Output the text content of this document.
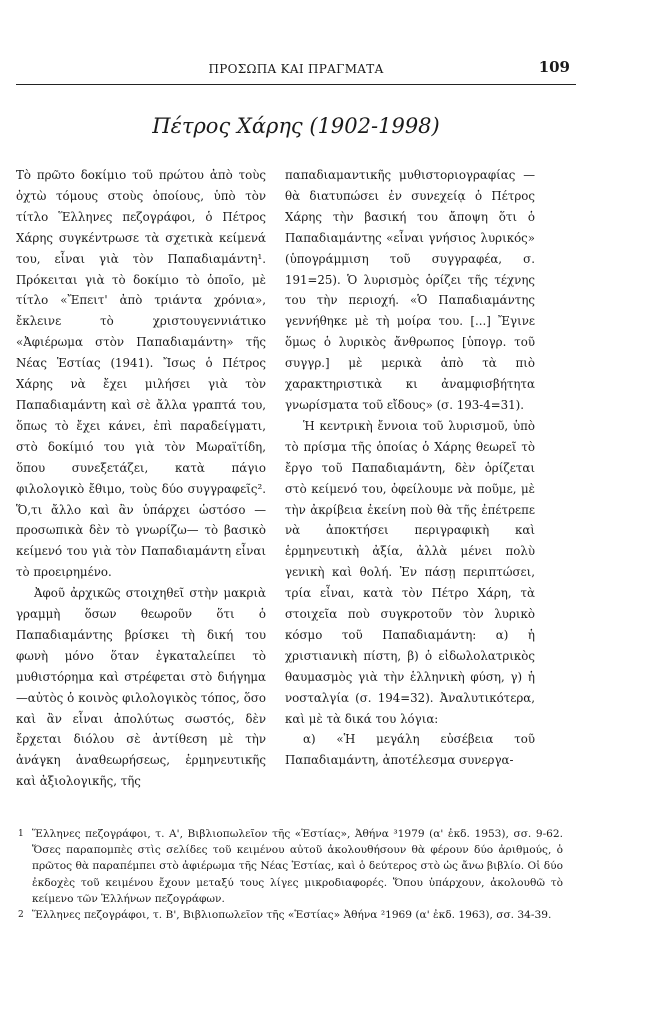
ΠΡΟΣΩΠΑ ΚΑΙ ΠΡΑΓΜΑΤΑ	109
Πέτρος Χάρης (1902-1998)

Τὸ πρῶτο δοκίμιο τοῦ πρώτου ἀπὸ τοὺς ὀχτὼ τόμους στοὺς ὁποίους, ὑπὸ τὸν τίτλο Ἕλληνες πεζογράφοι, ὁ Πέτρος Χάρης συγκέντρωσε τὰ σχετικὰ κείμενά του, εἶναι γιὰ τὸν Παπαδιαμάντη¹. Πρόκειται γιὰ τὸ δοκίμιο τὸ ὁποῖο, μὲ τίτλο «Ἔπειτ' ἀπὸ τριάντα χρόνια», ἔκλεινε τὸ χριστουγεννιάτικο «Ἀφιέρωμα στὸν Παπαδιαμάντη» τῆς Νέας Ἑστίας (1941). Ἴσως ὁ Πέτρος Χάρης νὰ ἔχει μιλήσει γιὰ τὸν Παπαδιαμάντη καὶ σὲ ἄλλα γραπτά του, ὅπως τὸ ἔχει κάνει, ἐπὶ παραδείγματι, στὸ δοκίμιό του γιὰ τὸν Μωραϊτίδη, ὅπου συνεξετάζει, κατὰ πάγιο φιλολογικὸ ἔθιμο, τοὺς δύο συγγραφεῖς². Ὅ,τι ἄλλο καὶ ἂν ὑπάρχει ὡστόσο —προσωπικὰ δὲν τὸ γνωρίζω— τὸ βασικὸ κείμενό του γιὰ τὸν Παπαδιαμάντη εἶναι τὸ προειρημένο.

Ἀφοῦ ἀρχικῶς στοιχηθεῖ στὴν μακριὰ γραμμὴ ὅσων θεωροῦν ὅτι ὁ Παπαδιαμάντης βρίσκει τὴ δική του φωνὴ μόνο ὅταν ἐγκαταλείπει τὸ μυθιστόρημα καὶ στρέφεται στὸ διήγημα —αὐτὸς ὁ κοινὸς φιλολογικὸς τόπος, ὅσο καὶ ἂν εἶναι ἀπολύτως σωστός, δὲν ἔρχεται διόλου σὲ ἀντίθεση μὲ τὴν ἀνάγκη ἀναθεωρήσεως, ἑρμηνευτικῆς καὶ ἀξιολογικῆς, τῆς

παπαδιαμαντικῆς μυθιστοριογραφίας — θὰ διατυπώσει ἐν συνεχείᾳ ὁ Πέτρος Χάρης τὴν βασική του ἄποψη ὅτι ὁ Παπαδιαμάντης «εἶναι γνήσιος λυρικός» (ὑπογράμμιση τοῦ συγγραφέα, σ. 191=25). Ὁ λυρισμὸς ὁρίζει τῆς τέχνης του τὴν περιοχή. «Ὁ Παπαδιαμάντης γεννήθηκε μὲ τὴ μοίρα του. [...] Ἔγινε ὅμως ὁ λυρικὸς ἄνθρωπος [ὑπογρ. τοῦ συγγρ.] μὲ μερικὰ ἀπὸ τὰ πιὸ χαρακτηριστικὰ κι ἀναμφισβήτητα γνωρίσματα τοῦ εἴδους» (σ. 193-4=31).

Ἡ κεντρικὴ ἔννοια τοῦ λυρισμοῦ, ὑπὸ τὸ πρίσμα τῆς ὁποίας ὁ Χάρης θεωρεῖ τὸ ἔργο τοῦ Παπαδιαμάντη, δὲν ὁρίζεται στὸ κείμενό του, ὀφείλουμε νὰ ποῦμε, μὲ τὴν ἀκρίβεια ἐκείνη ποὺ θὰ τῆς ἐπέτρεπε νὰ ἀποκτήσει περιγραφικὴ καὶ ἑρμηνευτικὴ ἀξία, ἀλλὰ μένει πολὺ γενικὴ καὶ θολή. Ἐν πάσῃ περιπτώσει, τρία εἶναι, κατὰ τὸν Πέτρο Χάρη, τὰ στοιχεῖα ποὺ συγκροτοῦν τὸν λυρικὸ κόσμο τοῦ Παπαδιαμάντη: α) ἡ χριστιανικὴ πίστη, β) ὁ εἰδωλολατρικὸς θαυμασμὸς γιὰ τὴν ἑλληνικὴ φύση, γ) ἡ νοσταλγία (σ. 194=32). Ἀναλυτικότερα, καὶ μὲ τὰ δικά του λόγια:

α) «Ἡ μεγάλη εὐσέβεια τοῦ Παπαδιαμάντη, ἀποτέλεσμα συνεργα-

1 Ἕλληνες πεζογράφοι, τ. Α', Βιβλιοπωλεῖον τῆς «Ἑστίας», Ἀθήνα ³1979 (α' ἐκδ. 1953), σσ. 9-62. Ὅσες παραπομπὲς στὶς σελίδες τοῦ κειμένου αὐτοῦ ἀκολουθήσουν θὰ φέρουν δύο ἀριθμούς, ὁ πρῶτος θὰ παραπέμπει στὸ ἀφιέρωμα τῆς Νέας Ἑστίας, καὶ ὁ δεύτερος στὸ ὡς ἄνω βιβλίο. Οἱ δύο ἐκδοχὲς τοῦ κειμένου ἔχουν μεταξύ τους λίγες μικροδιαφορές. Ὅπου ὑπάρχουν, ἀκολουθῶ τὸ κείμενο τῶν Ἑλλήνων πεζογράφων.

2 Ἕλληνες πεζογράφοι, τ. Β', Βιβλιοπωλεῖον τῆς «Ἑστίας» Ἀθήνα ²1969 (α' ἐκδ. 1963), σσ. 34-39.
